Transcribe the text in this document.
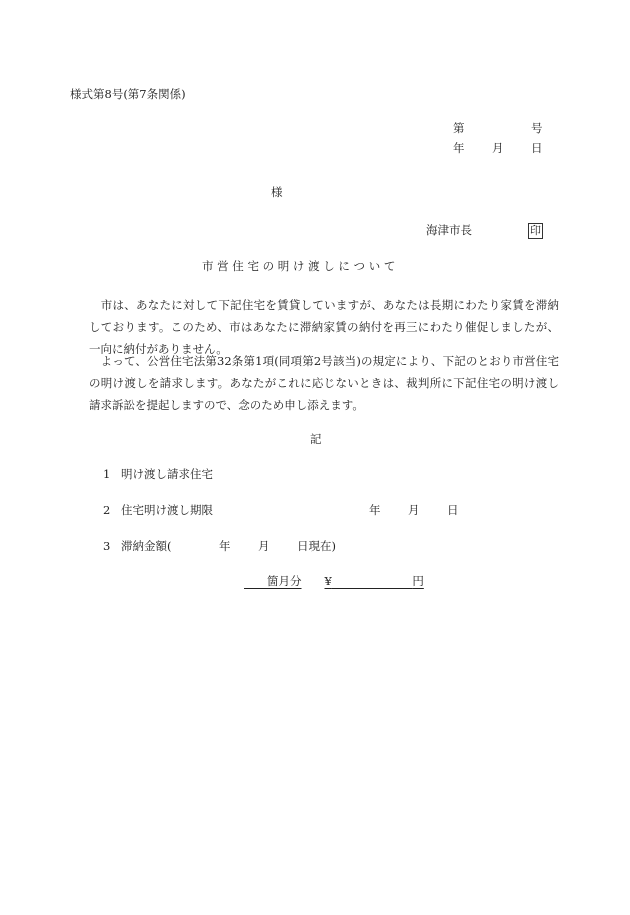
様式第8号(第7条関係)
第	号
年 月 日
様
海津市長	印
市 営 住 宅 の 明 け 渡 し に つ い て
　市は、あなたに対して下記住宅を賃貸していますが、あなたは長期にわたり家賃を滞納しております。このため、市はあなたに滞納家賃の納付を再三にわたり催促しましたが、一向に納付がありません。
　よって、公営住宅法第32条第1項(同項第2号該当)の規定により、下記のとおり市営住宅の明け渡しを請求します。あなたがこれに応じないときは、裁判所に下記住宅の明け渡し請求訴訟を提起しますので、念のため申し添えます。
記
1 明け渡し請求住宅
2 住宅明け渡し期限	年 月 日
3 滞納金額(	年 月 日現在)
　　箇月分　　 ¥　　　　　　　	円
